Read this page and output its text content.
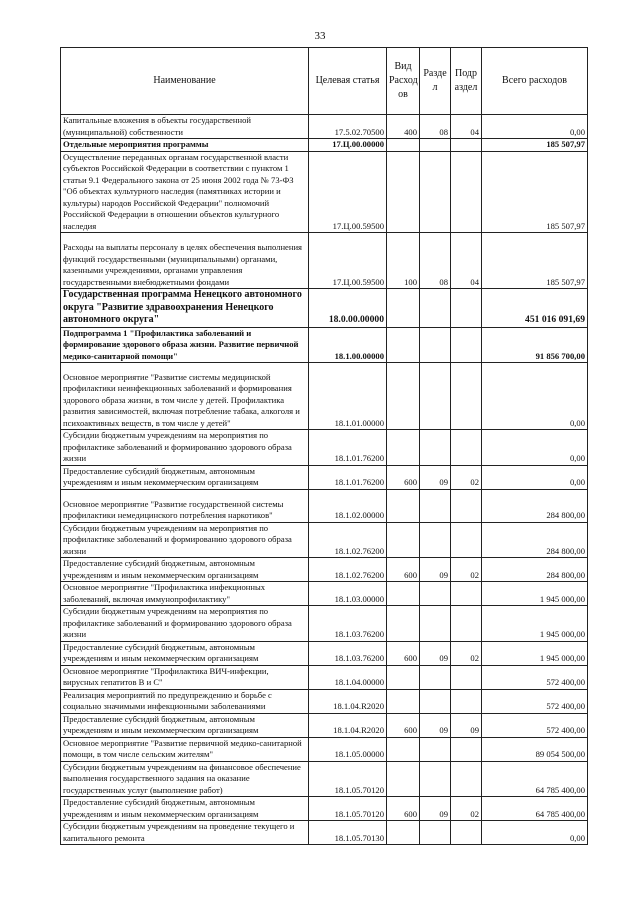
33
Наименование	Целевая статья	Вид Расход ов	Разде л	Подр аздел	Всего расходов
Капитальные вложения в объекты государственной (муниципальной) собственности	17.5.02.70500	400	08	04	0,00
Отдельные мероприятия программы	17.Ц.00.00000				185 507,97
Осуществление переданных органам государственной власти субъектов Российской Федерации в соответствии с пунктом 1 статьи 9.1 Федерального закона от 25 июня 2002 года № 73-ФЗ "Об объектах культурного наследия (памятниках истории и культуры) народов Российской Федерации" полномочий Российской Федерации в отношении объектов культурного наследия	17.Ц.00.59500				185 507,97
Расходы на выплаты персоналу в целях обеспечения выполнения функций государственными (муниципальными) органами, казенными учреждениями, органами управления государственными внебюджетными фондами	17.Ц.00.59500	100	08	04	185 507,97
Государственная программа Ненецкого автономного округа "Развитие здравоохранения Ненецкого автономного округа"	18.0.00.00000				451 016 091,69
Подпрограмма 1 "Профилактика заболеваний и формирование здорового образа жизни. Развитие первичной медико-санитарной помощи"	18.1.00.00000				91 856 700,00
Основное мероприятие "Развитие системы медицинской профилактики неинфекционных заболеваний и формирования здорового образа жизни, в том числе у детей. Профилактика развития зависимостей, включая потребление табака, алкоголя и психоактивных веществ, в том числе у детей"	18.1.01.00000				0,00
Субсидии бюджетным учреждениям на мероприятия по профилактике заболеваний и формированию здорового образа жизни	18.1.01.76200				0,00
Предоставление субсидий бюджетным, автономным учреждениям и иным некоммерческим организациям	18.1.01.76200	600	09	02	0,00
Основное мероприятие "Развитие государственной системы профилактики немедицинского потребления наркотиков"	18.1.02.00000				284 800,00
Субсидии бюджетным учреждениям на мероприятия по профилактике заболеваний и формированию здорового образа жизни	18.1.02.76200				284 800,00
Предоставление субсидий бюджетным, автономным учреждениям и иным некоммерческим организациям	18.1.02.76200	600	09	02	284 800,00
Основное мероприятие "Профилактика инфекционных заболеваний, включая иммунопрофилактику"	18.1.03.00000				1 945 000,00
Субсидии бюджетным учреждениям на мероприятия по профилактике заболеваний и формированию здорового образа жизни	18.1.03.76200				1 945 000,00
Предоставление субсидий бюджетным, автономным учреждениям и иным некоммерческим организациям	18.1.03.76200	600	09	02	1 945 000,00
Основное мероприятие "Профилактика ВИЧ-инфекции, вирусных гепатитов В и С"	18.1.04.00000				572 400,00
Реализация мероприятий по предупреждению и борьбе с социально значимыми инфекционными заболеваниями	18.1.04.R2020				572 400,00
Предоставление субсидий бюджетным, автономным учреждениям и иным некоммерческим организациям	18.1.04.R2020	600	09	09	572 400,00
Основное мероприятие "Развитие первичной медико-санитарной помощи, в том числе сельским жителям"	18.1.05.00000				89 054 500,00
Субсидии бюджетным учреждениям на финансовое обеспечение выполнения государственного задания на оказание государственных услуг (выполнение работ)	18.1.05.70120				64 785 400,00
Предоставление субсидий бюджетным, автономным учреждениям и иным некоммерческим организациям	18.1.05.70120	600	09	02	64 785 400,00
Субсидии бюджетным учреждениям на проведение текущего и капитального ремонта	18.1.05.70130				0,00
